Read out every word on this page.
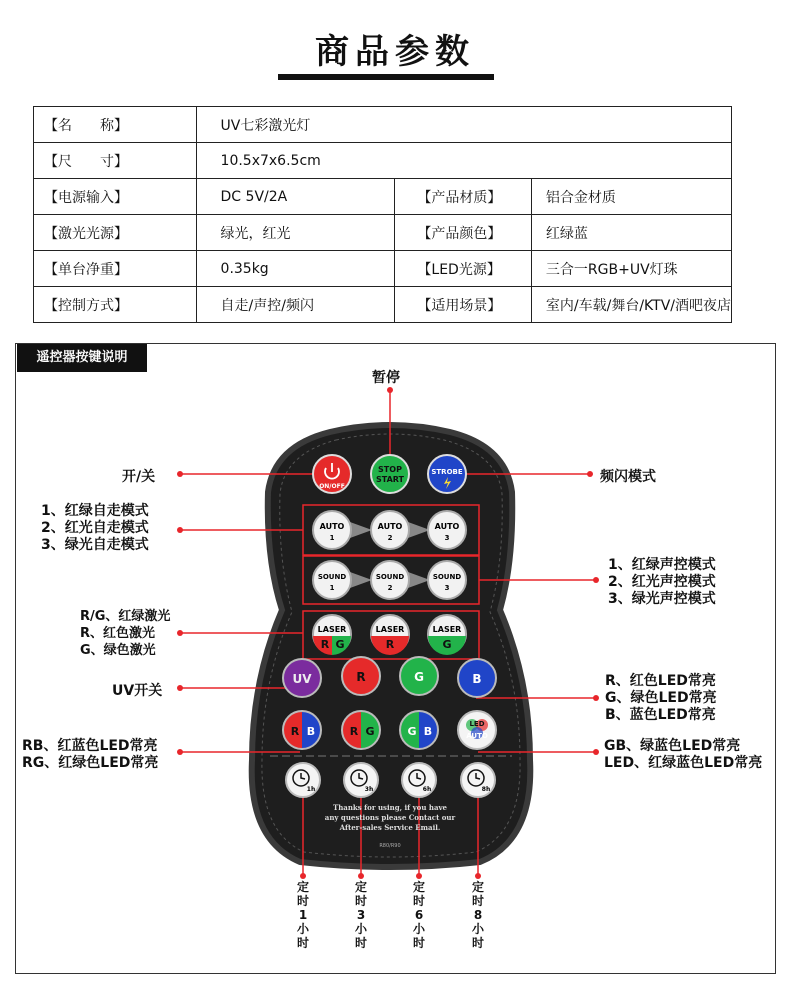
商品参数
【名　　称】	UV七彩激光灯		
【尺　　寸】	10.5x7x6.5cm		
【电源输入】	DC 5V/2A	【产品材质】	铝合金材质
【激光光源】	绿光，红光	【产品颜色】	红绿蓝
【单台净重】	0.35kg	【LED光源】	三合一RGB+UV灯珠
【控制方式】	自走/声控/频闪	【适用场景】	室内/车载/舞台/KTV/酒吧夜店
遥控器按键说明
ON/OFF
STOP
START
STROBE
AUTO
1
AUTO
2
AUTO
3
SOUND
1
SOUND
2
SOUND
3
LASER
R G
LASER
R
LASER
G
UV	R	G	B
R B	R G	G B
LED
AUTO
1h	3h	6h	8h
Thanks for using, if you have
any questions please Contact our
After-sales Service Email.
R80/R90
暂停
开/关	频闪模式
1、红绿自走模式
2、红光自走模式
3、绿光自走模式
1、红绿声控模式
2、红光声控模式
3、绿光声控模式
R/G、红绿激光
R、红色激光
G、绿色激光
UV开关
R、红色LED常亮
G、绿色LED常亮
B、蓝色LED常亮
RB、红蓝色LED常亮
RG、红绿色LED常亮
GB、绿蓝色LED常亮
LED、红绿蓝色LED常亮
定时1小时
定时3小时
定时6小时
定时8小时
